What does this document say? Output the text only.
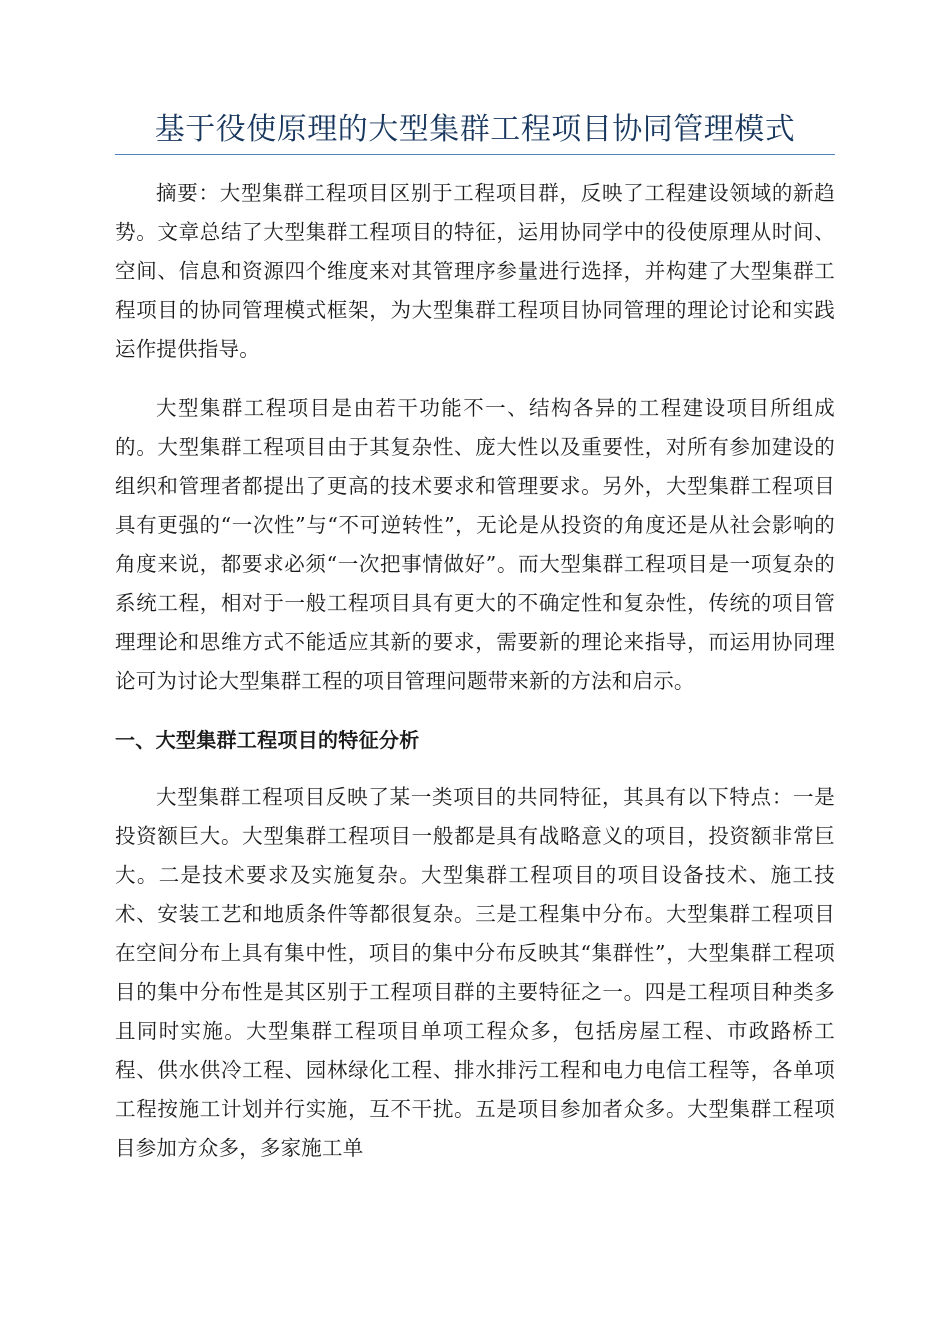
基于役使原理的大型集群工程项目协同管理模式

摘要：大型集群工程项目区别于工程项目群，反映了工程建设领域的新趋势。文章总结了大型集群工程项目的特征，运用协同学中的役使原理从时间、空间、信息和资源四个维度来对其管理序参量进行选择，并构建了大型集群工程项目的协同管理模式框架，为大型集群工程项目协同管理的理论讨论和实践运作提供指导。

大型集群工程项目是由若干功能不一、结构各异的工程建设项目所组成的。大型集群工程项目由于其复杂性、庞大性以及重要性，对所有参加建设的组织和管理者都提出了更高的技术要求和管理要求。另外，大型集群工程项目具有更强的“一次性”与“不可逆转性”，无论是从投资的角度还是从社会影响的角度来说，都要求必须“一次把事情做好”。而大型集群工程项目是一项复杂的系统工程，相对于一般工程项目具有更大的不确定性和复杂性，传统的项目管理理论和思维方式不能适应其新的要求，需要新的理论来指导，而运用协同理论可为讨论大型集群工程的项目管理问题带来新的方法和启示。

一、大型集群工程项目的特征分析

大型集群工程项目反映了某一类项目的共同特征，其具有以下特点：一是投资额巨大。大型集群工程项目一般都是具有战略意义的项目，投资额非常巨大。二是技术要求及实施复杂。大型集群工程项目的项目设备技术、施工技术、安装工艺和地质条件等都很复杂。三是工程集中分布。大型集群工程项目在空间分布上具有集中性，项目的集中分布反映其“集群性”，大型集群工程项目的集中分布性是其区别于工程项目群的主要特征之一。四是工程项目种类多且同时实施。大型集群工程项目单项工程众多，包括房屋工程、市政路桥工程、供水供冷工程、园林绿化工程、排水排污工程和电力电信工程等，各单项工程按施工计划并行实施，互不干扰。五是项目参加者众多。大型集群工程项目参加方众多，多家施工单
